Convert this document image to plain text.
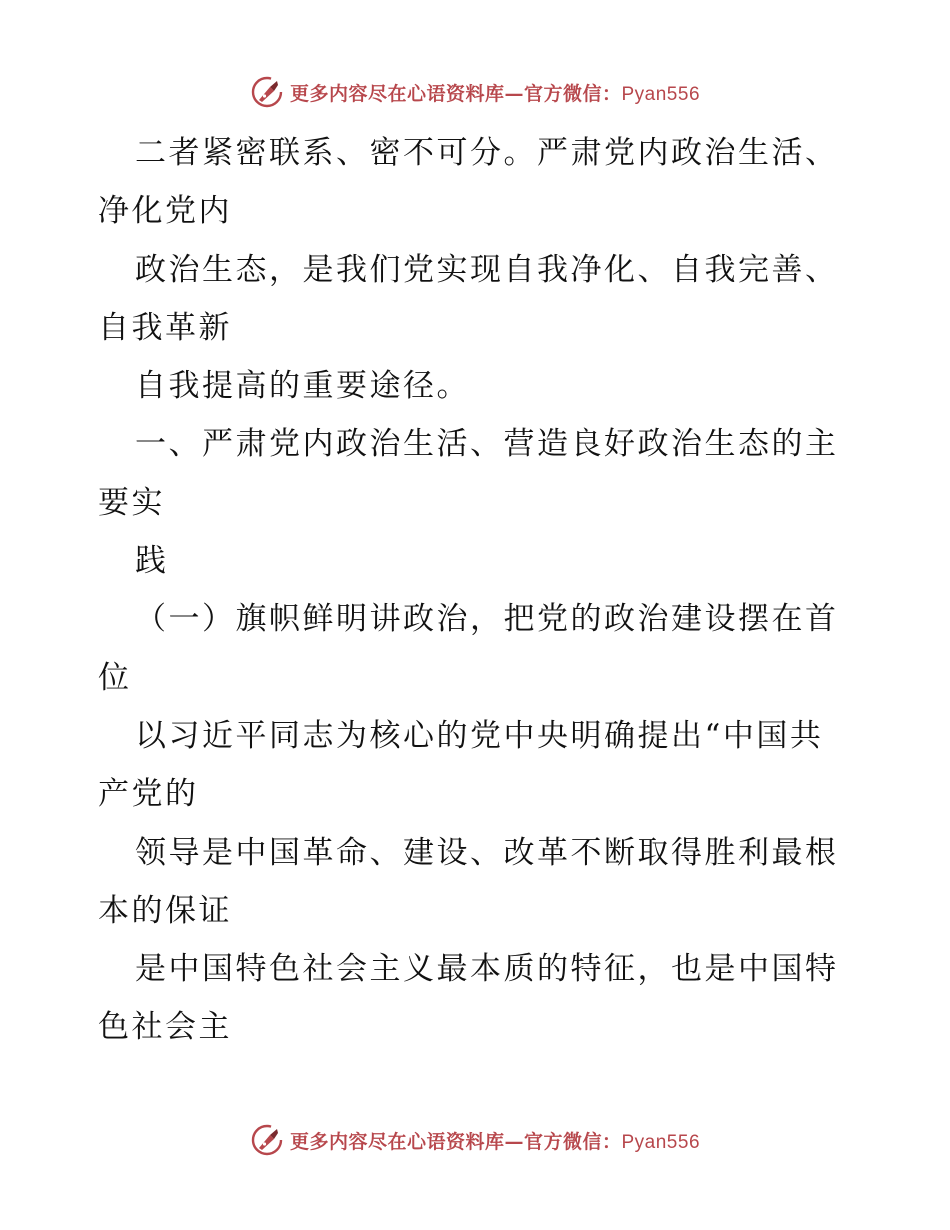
更多内容尽在心语资料库—官方微信：Pyan556
二者紧密联系、密不可分。严肃党内政治生活、
净化党内
政治生态，是我们党实现自我净化、自我完善、
自我革新
自我提高的重要途径。
一、严肃党内政治生活、营造良好政治生态的主
要实
践
（一）旗帜鲜明讲政治，把党的政治建设摆在首
位
以习近平同志为核心的党中央明确提出“中国共
产党的
领导是中国革命、建设、改革不断取得胜利最根
本的保证
是中国特色社会主义最本质的特征，也是中国特
色社会主
更多内容尽在心语资料库—官方微信：Pyan556
